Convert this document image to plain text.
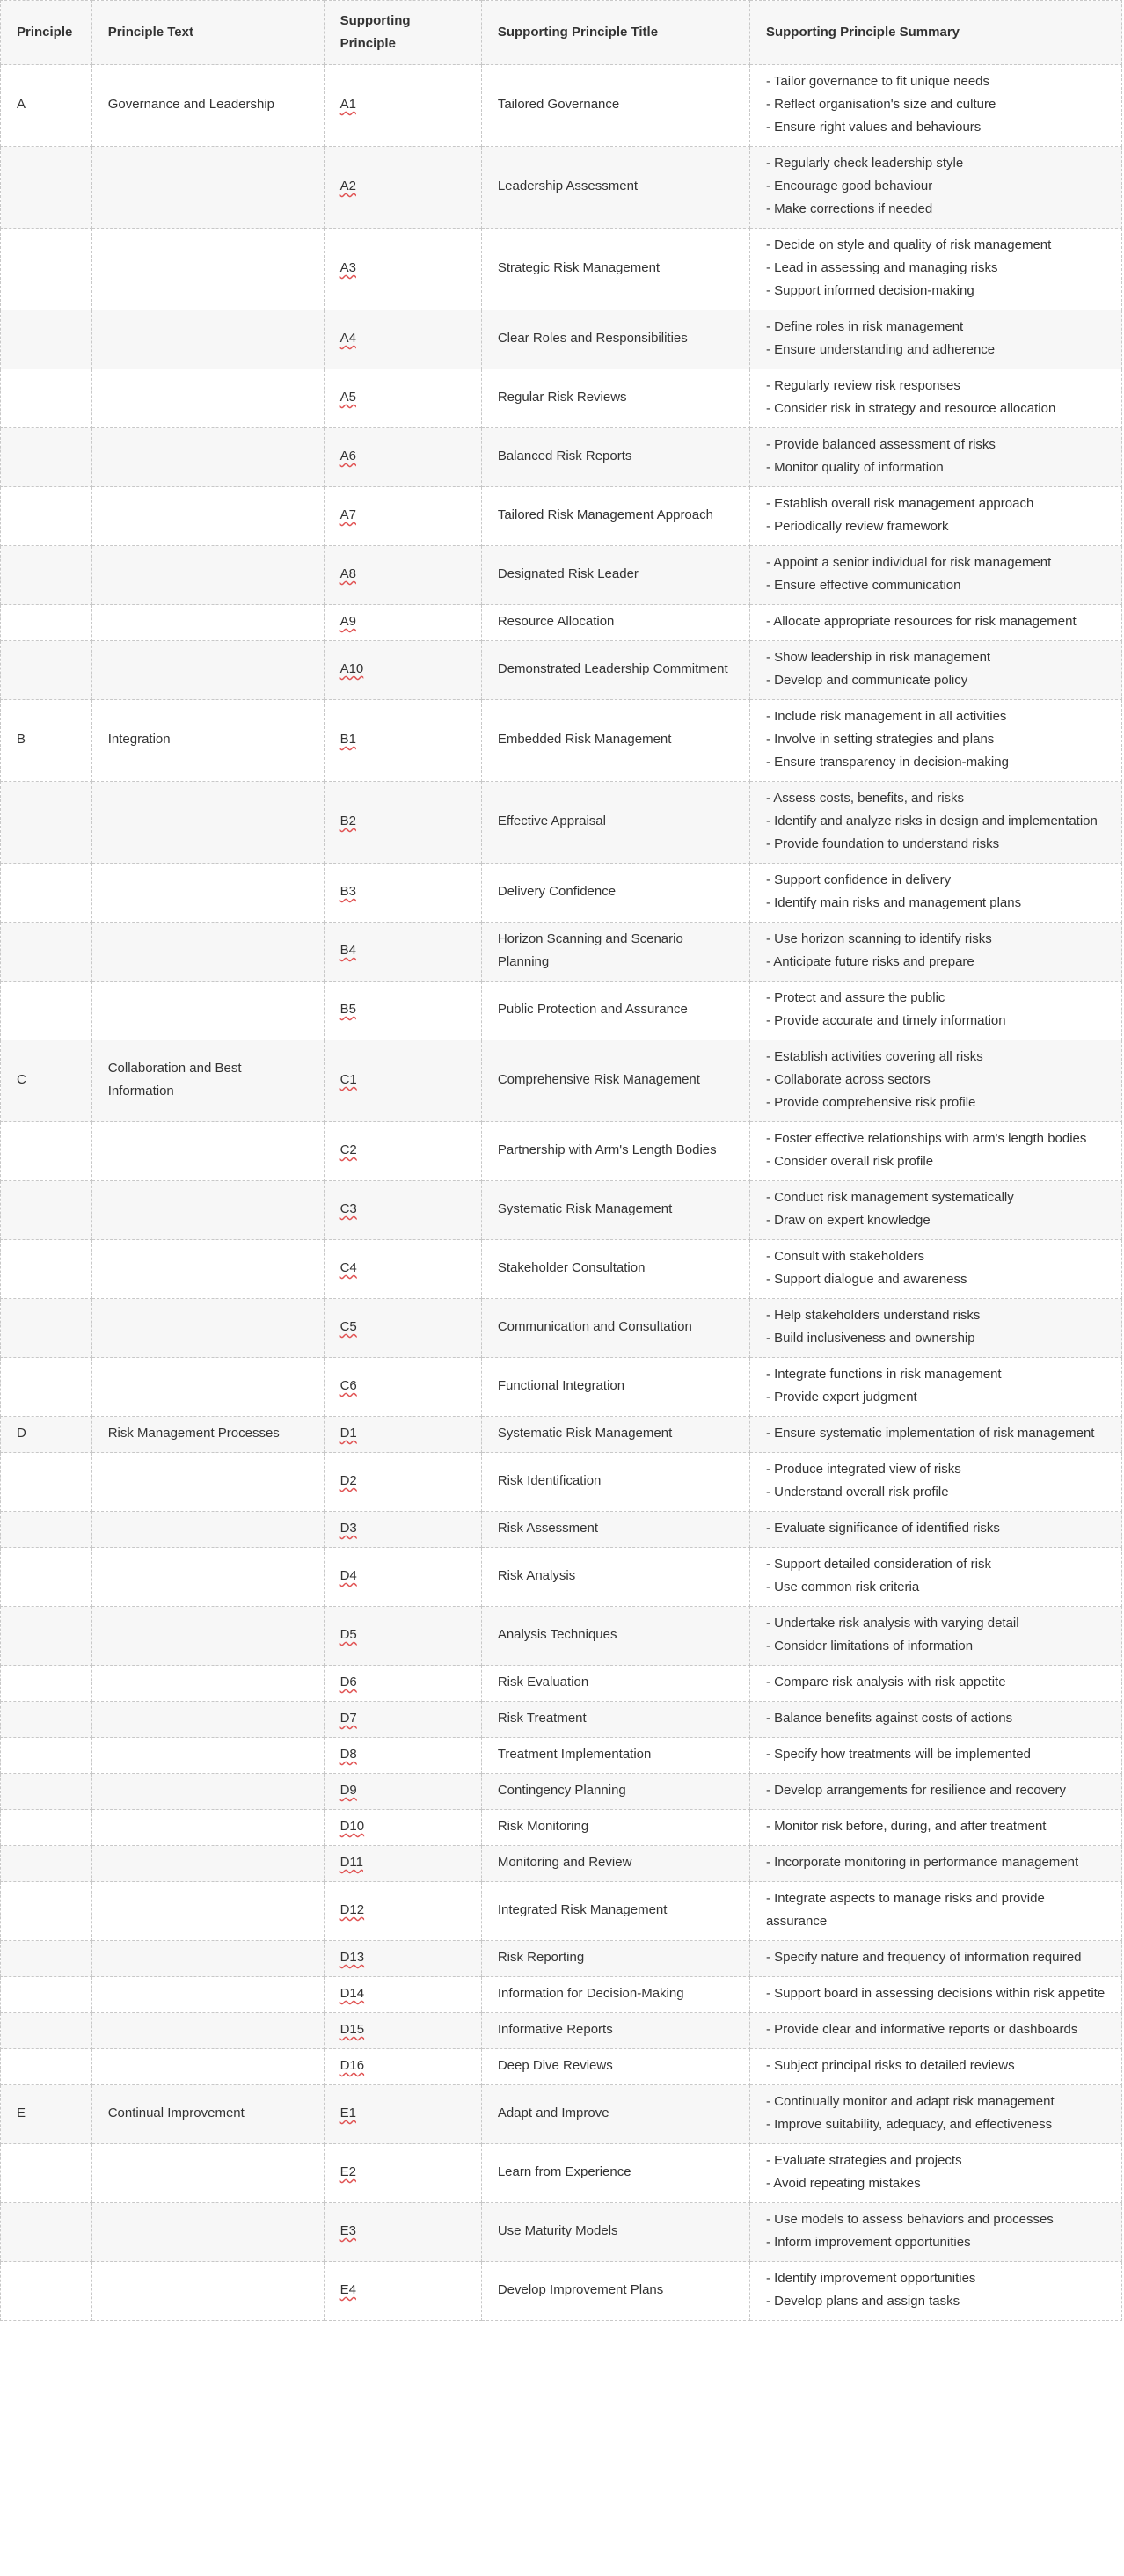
Principle	Principle Text	Supporting Principle	Supporting Principle Title	Supporting Principle Summary
A	Governance and Leadership	A1	Tailored Governance	- Tailor governance to fit unique needs
- Reflect organisation's size and culture
- Ensure right values and behaviours

		A2	Leadership Assessment	- Regularly check leadership style
- Encourage good behaviour
- Make corrections if needed

		A3	Strategic Risk Management	- Decide on style and quality of risk management
- Lead in assessing and managing risks
- Support informed decision-making

		A4	Clear Roles and Responsibilities	- Define roles in risk management
- Ensure understanding and adherence

		A5	Regular Risk Reviews	- Regularly review risk responses
- Consider risk in strategy and resource allocation

		A6	Balanced Risk Reports	- Provide balanced assessment of risks
- Monitor quality of information

		A7	Tailored Risk Management Approach	- Establish overall risk management approach
- Periodically review framework

		A8	Designated Risk Leader	- Appoint a senior individual for risk management
- Ensure effective communication

		A9	Resource Allocation	- Allocate appropriate resources for risk management

		A10	Demonstrated Leadership Commitment	- Show leadership in risk management
- Develop and communicate policy

B	Integration	B1	Embedded Risk Management	- Include risk management in all activities
- Involve in setting strategies and plans
- Ensure transparency in decision-making

		B2	Effective Appraisal	- Assess costs, benefits, and risks
- Identify and analyze risks in design and implementation
- Provide foundation to understand risks

		B3	Delivery Confidence	- Support confidence in delivery
- Identify main risks and management plans

		B4	Horizon Scanning and Scenario Planning	- Use horizon scanning to identify risks
- Anticipate future risks and prepare

		B5	Public Protection and Assurance	- Protect and assure the public
- Provide accurate and timely information

C	Collaboration and Best Information	C1	Comprehensive Risk Management	- Establish activities covering all risks
- Collaborate across sectors
- Provide comprehensive risk profile

		C2	Partnership with Arm's Length Bodies	- Foster effective relationships with arm's length bodies
- Consider overall risk profile

		C3	Systematic Risk Management	- Conduct risk management systematically
- Draw on expert knowledge

		C4	Stakeholder Consultation	- Consult with stakeholders
- Support dialogue and awareness

		C5	Communication and Consultation	- Help stakeholders understand risks
- Build inclusiveness and ownership

		C6	Functional Integration	- Integrate functions in risk management
- Provide expert judgment

D	Risk Management Processes	D1	Systematic Risk Management	- Ensure systematic implementation of risk management

		D2	Risk Identification	- Produce integrated view of risks
- Understand overall risk profile

		D3	Risk Assessment	- Evaluate significance of identified risks

		D4	Risk Analysis	- Support detailed consideration of risk
- Use common risk criteria

		D5	Analysis Techniques	- Undertake risk analysis with varying detail
- Consider limitations of information

		D6	Risk Evaluation	- Compare risk analysis with risk appetite

		D7	Risk Treatment	- Balance benefits against costs of actions

		D8	Treatment Implementation	- Specify how treatments will be implemented

		D9	Contingency Planning	- Develop arrangements for resilience and recovery

		D10	Risk Monitoring	- Monitor risk before, during, and after treatment

		D11	Monitoring and Review	- Incorporate monitoring in performance management

		D12	Integrated Risk Management	- Integrate aspects to manage risks and provide assurance

		D13	Risk Reporting	- Specify nature and frequency of information required

		D14	Information for Decision-Making	- Support board in assessing decisions within risk appetite

		D15	Informative Reports	- Provide clear and informative reports or dashboards

		D16	Deep Dive Reviews	- Subject principal risks to detailed reviews

E	Continual Improvement	E1	Adapt and Improve	- Continually monitor and adapt risk management
- Improve suitability, adequacy, and effectiveness

		E2	Learn from Experience	- Evaluate strategies and projects
- Avoid repeating mistakes

		E3	Use Maturity Models	- Use models to assess behaviors and processes
- Inform improvement opportunities

		E4	Develop Improvement Plans	- Identify improvement opportunities
- Develop plans and assign tasks
